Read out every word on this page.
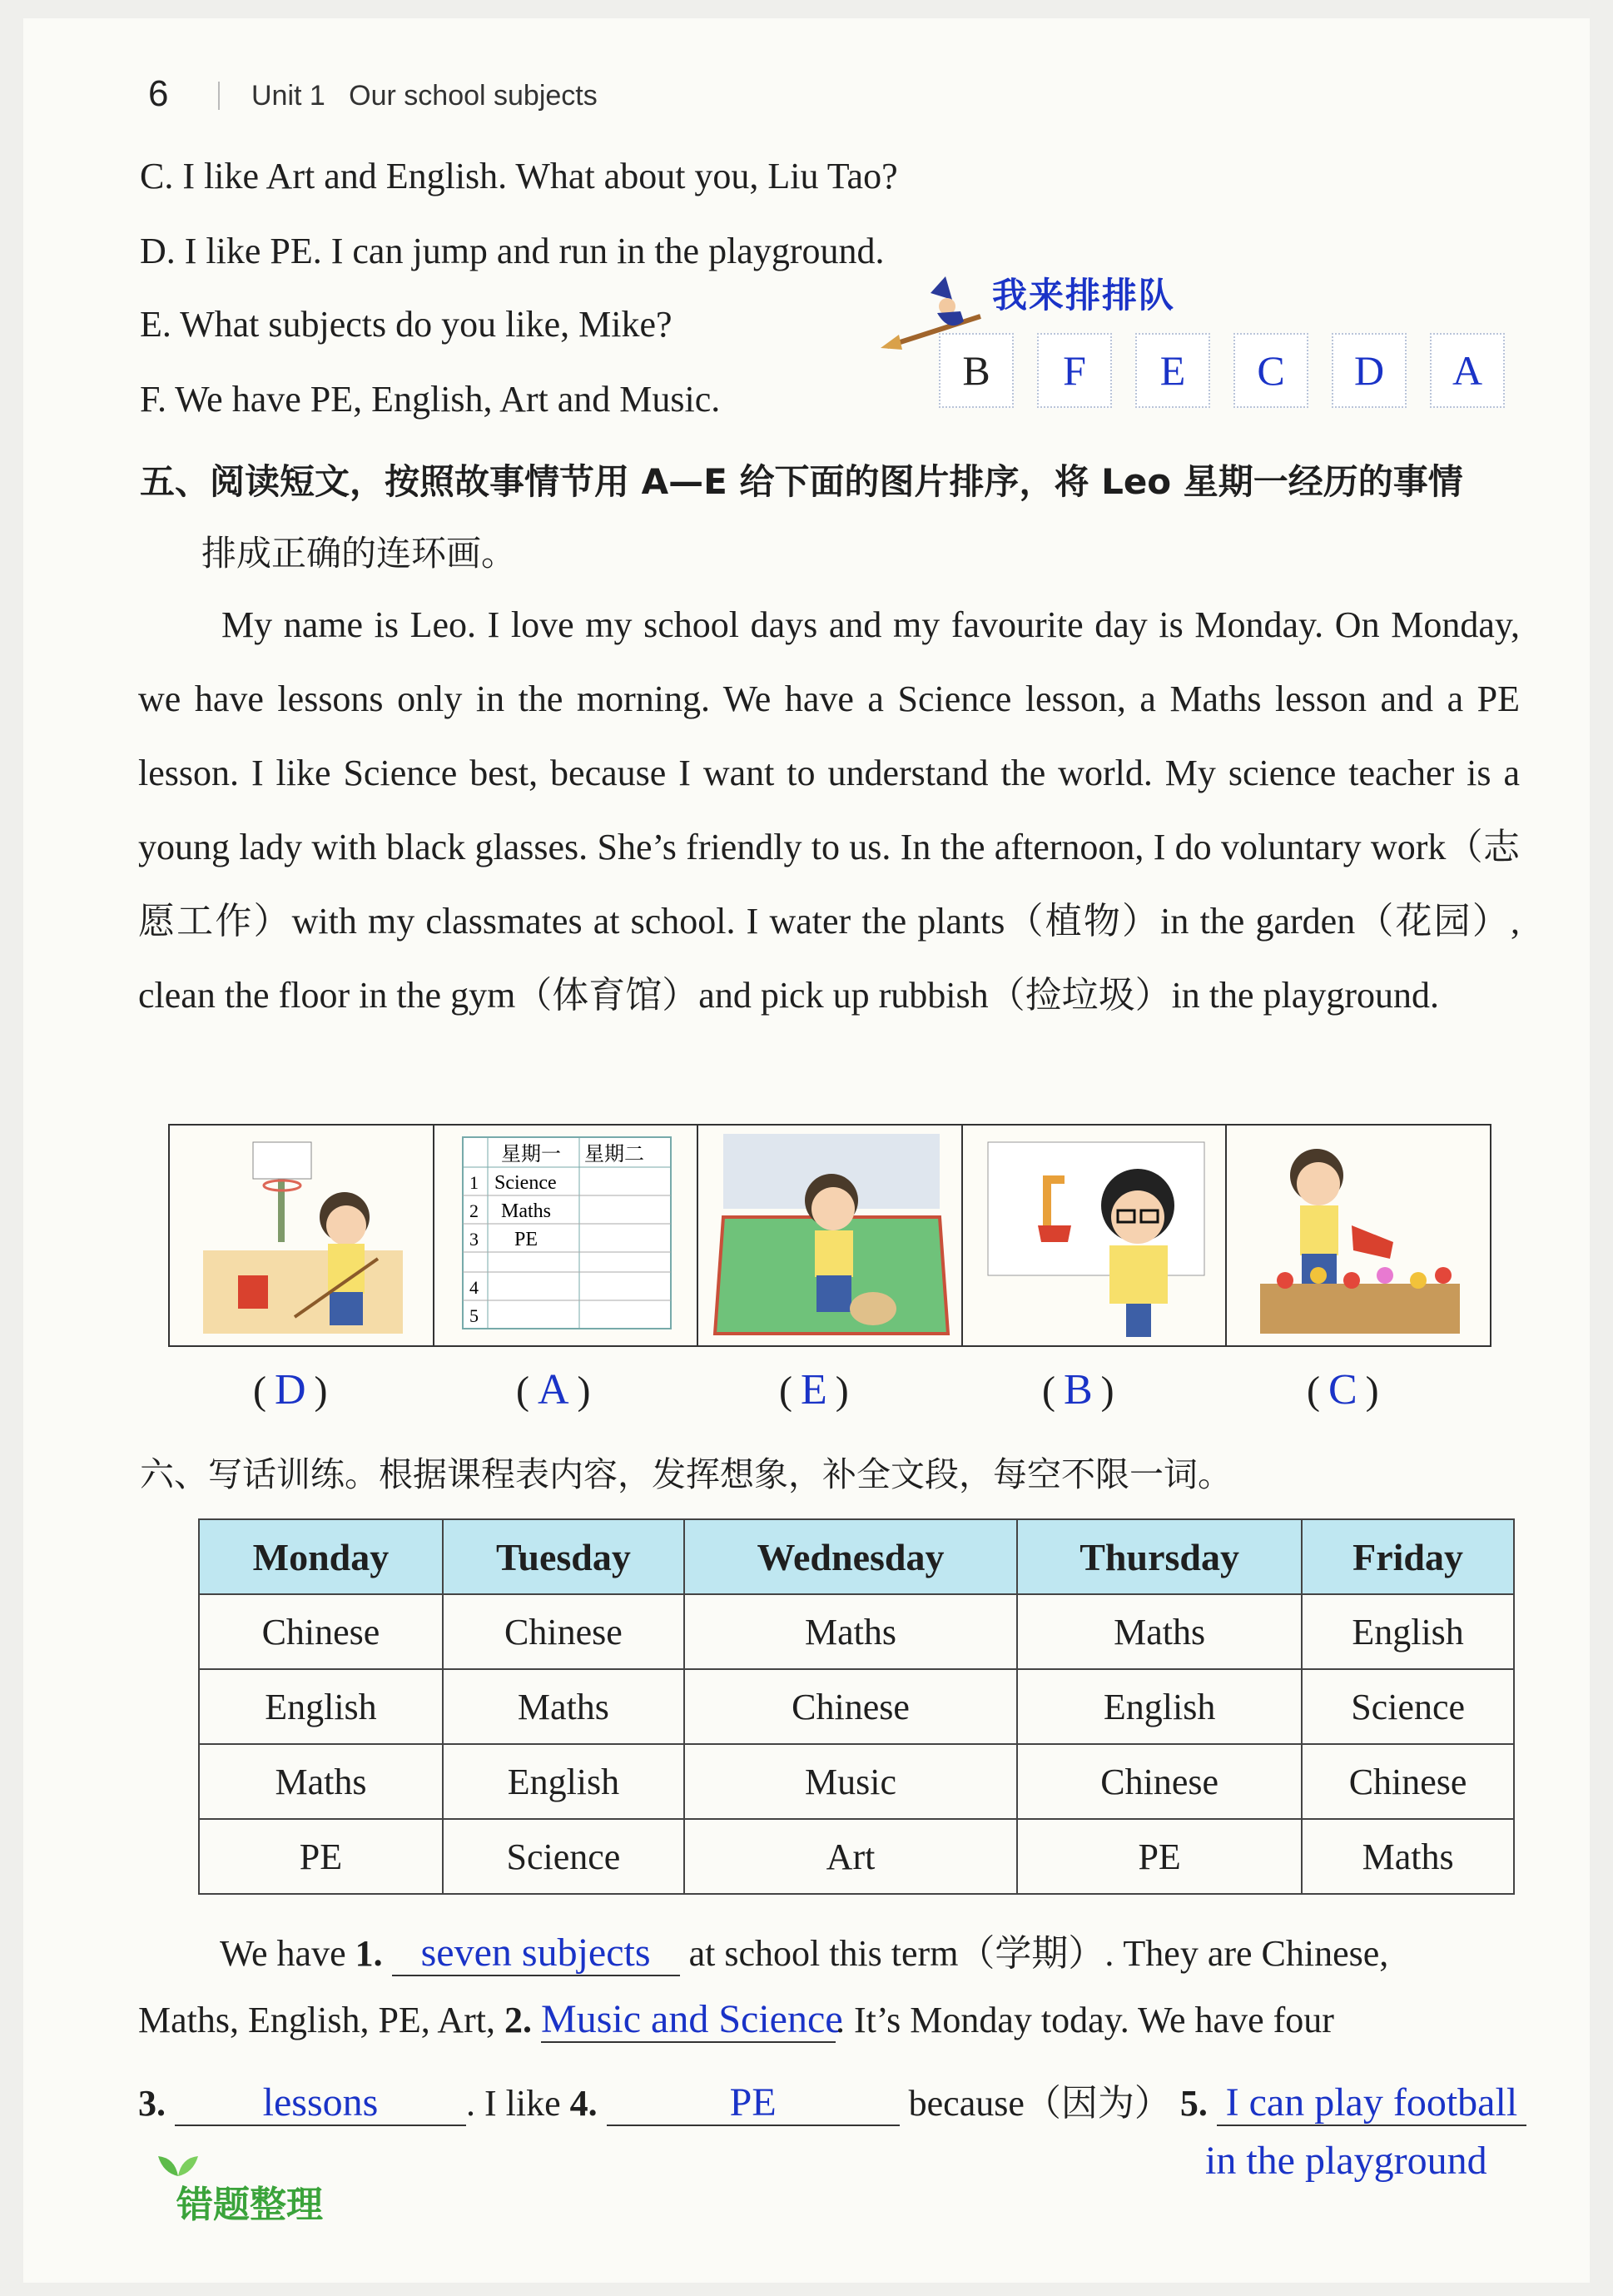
6	Unit 1 Our school subjects
C. I like Art and English. What about you, Liu Tao?
D. I like PE. I can jump and run in the playground.
E. What subjects do you like, Mike?
F. We have PE, English, Art and Music.
我来排排队
B	F	E	C	D	A
五、阅读短文，按照故事情节用 A—E 给下面的图片排序，将 Leo 星期一经历的事情
排成正确的连环画。
My name is Leo. I love my school days and my favourite day is Monday. On Monday, we have lessons only in the morning. We have a Science lesson, a Maths lesson and a PE lesson. I like Science best, because I want to understand the world. My science teacher is a young lady with black glasses. She’s friendly to us. In the afternoon, I do voluntary work（志愿工作）with my classmates at school. I water the plants（植物）in the garden（花园）, clean the floor in the gym（体育馆）and pick up rubbish（捡垃圾）in the playground.
星期一 星期二
1 Science
2 Maths
3 PE
4
5
( D )	( A )	( E )	( B )	( C )
六、写话训练。根据课程表内容，发挥想象，补全文段，每空不限一词。
Monday	Tuesday	Wednesday	Thursday	Friday
Chinese	Chinese	Maths	Maths	English
English	Maths	Chinese	English	Science
Maths	English	Music	Chinese	Chinese
PE	Science	Art	PE	Maths
We have 1. seven subjects at school this term（学期）. They are Chinese,
Maths, English, PE, Art, 2. Music and Science. It’s Monday today. We have four
3. lessons . I like 4.	PE	because（因为） 5. I can play football
in the playground
错题整理
